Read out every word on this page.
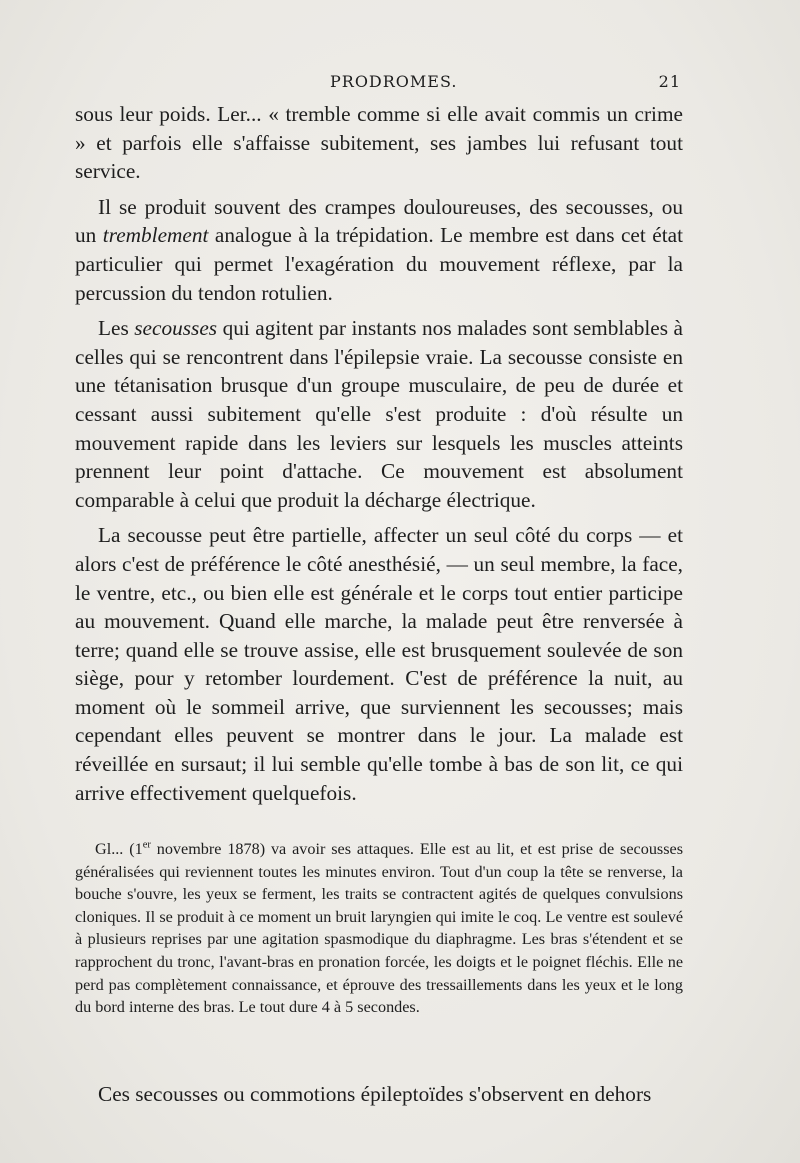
PRODROMES.	21

sous leur poids. Ler... « tremble comme si elle avait commis un crime » et parfois elle s'affaisse subitement, ses jambes lui refusant tout service.

Il se produit souvent des crampes douloureuses, des secousses, ou un tremblement analogue à la trépidation. Le membre est dans cet état particulier qui permet l'exagération du mouvement réflexe, par la percussion du tendon rotulien.

Les secousses qui agitent par instants nos malades sont semblables à celles qui se rencontrent dans l'épilepsie vraie. La secousse consiste en une tétanisation brusque d'un groupe musculaire, de peu de durée et cessant aussi subitement qu'elle s'est produite : d'où résulte un mouvement rapide dans les leviers sur lesquels les muscles atteints prennent leur point d'attache. Ce mouvement est absolument comparable à celui que produit la décharge électrique.

La secousse peut être partielle, affecter un seul côté du corps — et alors c'est de préférence le côté anesthésié, — un seul membre, la face, le ventre, etc., ou bien elle est générale et le corps tout entier participe au mouvement. Quand elle marche, la malade peut être renversée à terre; quand elle se trouve assise, elle est brusquement soulevée de son siège, pour y retomber lourdement. C'est de préférence la nuit, au moment où le sommeil arrive, que surviennent les secousses; mais cependant elles peuvent se montrer dans le jour. La malade est réveillée en sursaut; il lui semble qu'elle tombe à bas de son lit, ce qui arrive effectivement quelquefois.

Gl... (1er novembre 1878) va avoir ses attaques. Elle est au lit, et est prise de secousses généralisées qui reviennent toutes les minutes environ. Tout d'un coup la tête se renverse, la bouche s'ouvre, les yeux se ferment, les traits se contractent agités de quelques convulsions cloniques. Il se produit à ce moment un bruit laryngien qui imite le coq. Le ventre est soulevé à plusieurs reprises par une agitation spasmodique du diaphragme. Les bras s'étendent et se rapprochent du tronc, l'avant-bras en pronation forcée, les doigts et le poignet fléchis. Elle ne perd pas complètement connaissance, et éprouve des tressaillements dans les yeux et le long du bord interne des bras. Le tout dure 4 à 5 secondes.

Ces secousses ou commotions épileptoïdes s'observent en dehors
